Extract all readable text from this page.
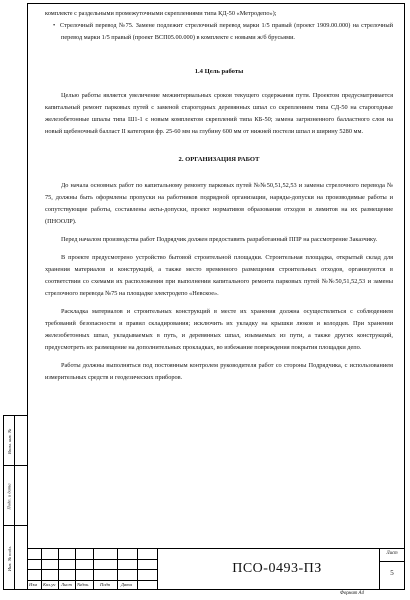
комплекте с раздельными промежуточными скреплениями типа КД-50 «Метродепо»);

•  Стрелочный перевод №75. Замене подлежит стрелочный перевод марки 1/5 правый (проект 1909.00.000) на стрелочный перевод марки 1/5 правый (проект ВСП05.00.000) в комплекте с новыми ж/б брусьями.

1.4 Цель работы

Целью работы является увеличение межинтервальных сроков текущего содержания пути. Проектом предусматривается капитальный ремонт парковых путей с заменой старогодных деревянных шпал со скреплением типа СД-50 на старогодные железобетонные шпалы типа Ш1-1 с новым комплектом скреплений типа КБ-50; замена загрязненного балластного слоя на новый щебеночный балласт II категории фр. 25-60 мм на глубину 600 мм от нижней постели шпал и ширину 5280 мм.

2. ОРГАНИЗАЦИЯ РАБОТ

До начала основных работ по капитальному ремонту парковых путей №№50,51,52,53 и замены стрелочного перевода № 75, должны быть оформлены пропуски на работников подрядной организации, наряды-допуски на производимые работы и сопутствующие работы, составлены акты-допуски, проект нормативов образования отходов и лимитов на их размещение (ПНООЛР).

Перед началом производства работ Подрядчик должен предоставить разработанный ППР на рассмотрение Заказчику.

В проекте предусмотрено устройство бытовой строительной площадки. Строительная площадка, открытый склад для хранения материалов и конструкций, а также место временного размещения строительных отходов, организуются в соответствии со схемами их расположения при выполнении капитального ремонта парковых путей №№50,51,52,53 и замены стрелочного перевода №75 на площадке электродепо «Невское».

Раскладка материалов и строительных конструкций в месте их хранения должна осуществляться с соблюдением требований безопасности и правил складирования; исключить их укладку на крышки люков и колодцев. При хранении железобетонных шпал, укладываемых в путь, и деревянных шпал, изымаемых из пути, а также других конструкций, предусмотреть их размещение на дополнительных прокладках, во избежание повреждения покрытия площадки депо.

Работы должны выполняться под постоянным контролем руководителя работ со стороны Подрядчика, с использованием измерительных средств и геодезических приборов.

Взам. инв. №
Подп. и дата
Инв. № подл.
Изм Кол.уч Лист №док. Подп Дата
ПСО-0493-ПЗ
Лист
5
Формат А4
